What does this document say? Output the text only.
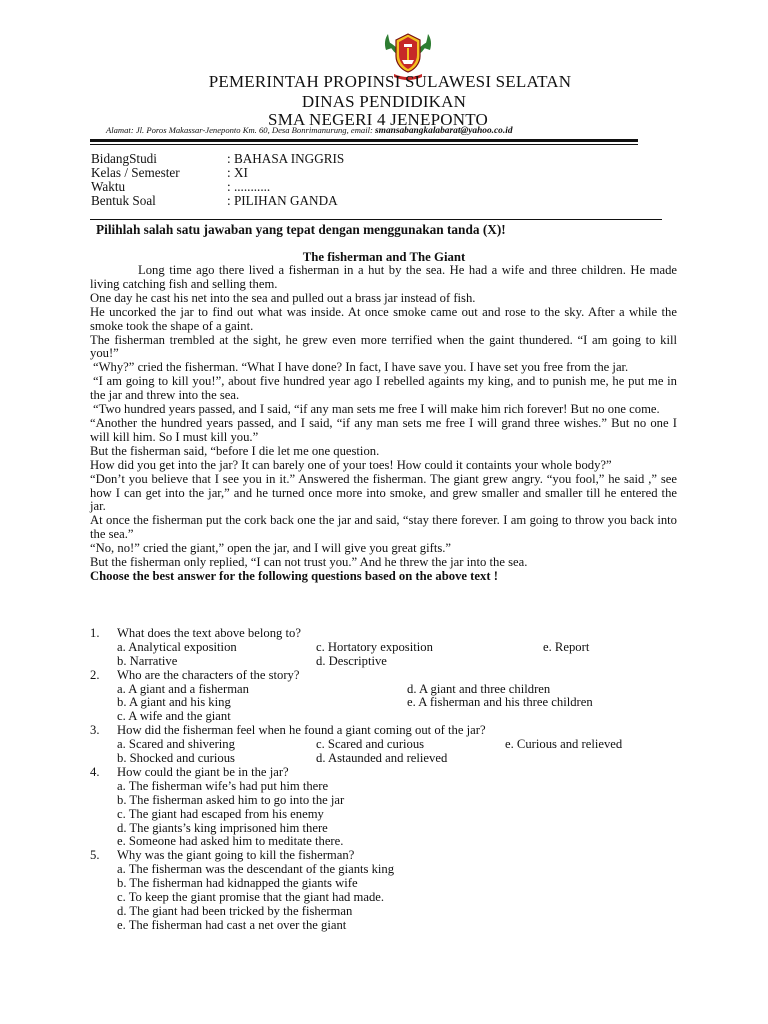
PEMERINTAH PROPINSI SULAWESI SELATAN
DINAS PENDIDIKAN
SMA NEGERI 4 JENEPONTO
Alamat: Jl. Poros Makassar-Jeneponto Km. 60, Desa Bonrimanurung, email: smansabangkalabarat@yahoo.co.id
BidangStudi	: BAHASA INGGRIS
Kelas / Semester	: XI
Waktu	: ...........
Bentuk Soal	: PILIHAN GANDA
Pilihlah salah satu jawaban yang tepat dengan menggunakan tanda (X)!
The fisherman and The Giant

Long time ago there lived a fisherman in a hut by the sea. He had a wife and three children. He made living catching fish and selling them.

One day he cast his net into the sea and pulled out a brass jar instead of fish.

He uncorked the jar to find out what was inside. At once smoke came out and rose to the sky. After a while the smoke took the shape of a gaint.

The fisherman trembled at the sight, he grew even more terrified when the gaint thundered. “I am going to kill you!”

“Why?” cried the fisherman. “What I have done? In fact, I have save you. I have set you free from the jar.

“I am going to kill you!”, about five hundred year ago I rebelled againts my king, and to punish me, he put me in the jar and threw into the sea.

“Two hundred years passed, and I said, “if any man sets me free I will make him rich forever! But no one come.

“Another the hundred years passed, and I said, “if any man sets me free I will grand three wishes.” But no one I will kill him. So I must kill you.”

But the fisherman said, “before I die let me one question.

How did you get into the jar? It can barely one of your toes! How could it containts your whole body?”

“Don’t you believe that I see you in it.” Answered the fisherman. The giant grew angry. “you fool,” he said ,” see how I can get into the jar,” and he turned once more into smoke, and grew smaller and smaller till he entered the jar.

At once the fisherman put the cork back one the jar and said, “stay there forever. I am going to throw you back into the sea.”

“No, no!” cried the giant,” open the jar, and I will give you great gifts.”

But the fisherman only replied, “I can not trust you.” And he threw the jar into the sea.

Choose the best answer for the following questions based on the above text !

1.	What does the text above belong to?
a. Analytical exposition	c. Hortatory exposition	e. Report
b. Narrative	d. Descriptive
2.	Who are the characters of the story?
a. A giant and a fisherman	d. A giant and three children
b. A giant and his king	e. A fisherman and his three children
c. A wife and the giant
3.	How did the fisherman feel when he found a giant coming out of the jar?
a. Scared and shivering	c. Scared and curious	e. Curious and relieved
b. Shocked and curious	d. Astaunded and relieved
4.	How could the giant be in the jar?
a. The fisherman wife’s had put him there
b. The fisherman asked him to go into the jar
c. The giant had escaped from his enemy
d. The giants’s king imprisoned him there
e. Someone had asked him to meditate there.
5.	Why was the giant going to kill the fisherman?
a. The fisherman was the descendant of the giants king
b. The fisherman had kidnapped the giants wife
c. To keep the giant promise that the giant had made.
d. The giant had been tricked by the fisherman
e. The fisherman had cast a net over the giant
